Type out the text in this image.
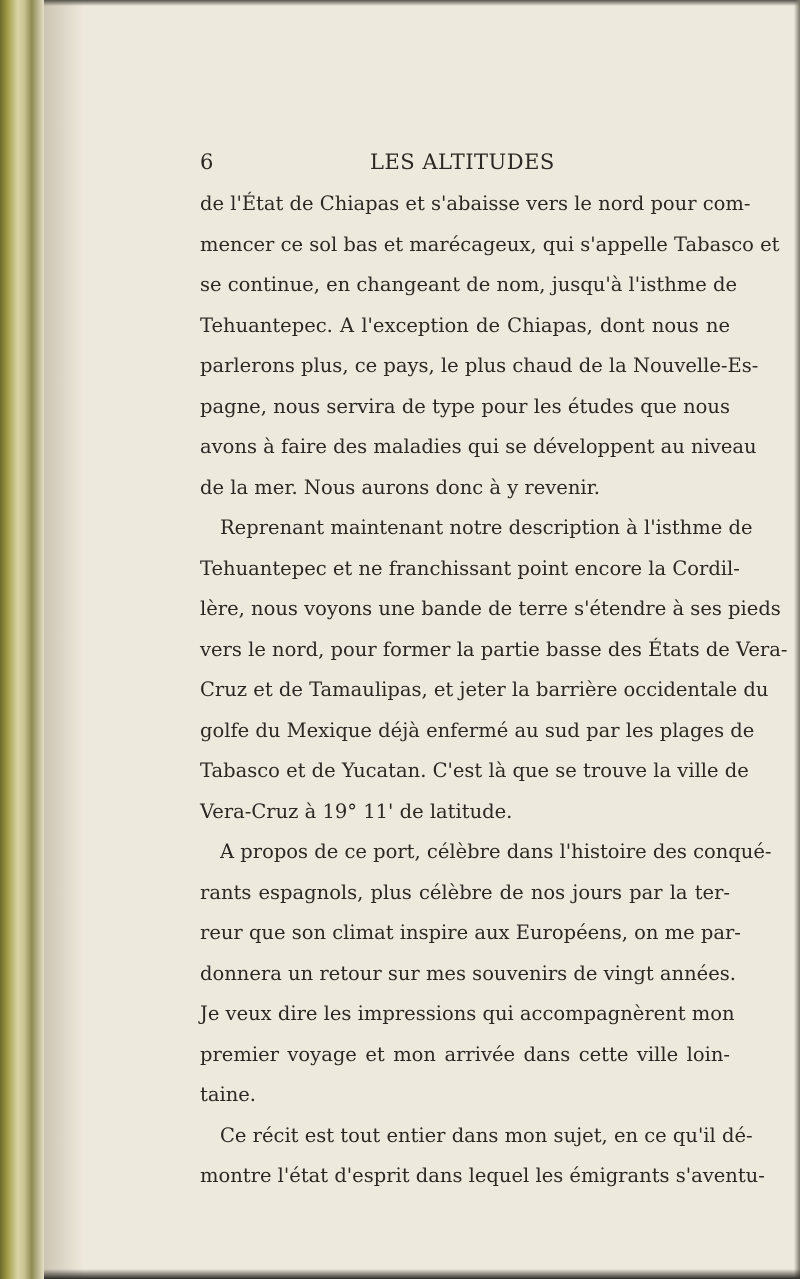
6	LES ALTITUDES
de l'État de Chiapas et s'abaisse vers le nord pour com-
mencer ce sol bas et marécageux, qui s'appelle Tabasco et
se continue, en changeant de nom, jusqu'à l'isthme de
Tehuantepec. A l'exception de Chiapas, dont nous ne
parlerons plus, ce pays, le plus chaud de la Nouvelle-Es-
pagne, nous servira de type pour les études que nous
avons à faire des maladies qui se développent au niveau
de la mer. Nous aurons donc à y revenir.
Reprenant maintenant notre description à l'isthme de
Tehuantepec et ne franchissant point encore la Cordil-
lère, nous voyons une bande de terre s'étendre à ses pieds
vers le nord, pour former la partie basse des États de Vera-
Cruz et de Tamaulipas, et jeter la barrière occidentale du
golfe du Mexique déjà enfermé au sud par les plages de
Tabasco et de Yucatan. C'est là que se trouve la ville de
Vera-Cruz à 19° 11' de latitude.
A propos de ce port, célèbre dans l'histoire des conqué-
rants espagnols, plus célèbre de nos jours par la ter-
reur que son climat inspire aux Européens, on me par-
donnera un retour sur mes souvenirs de vingt années.
Je veux dire les impressions qui accompagnèrent mon
premier voyage et mon arrivée dans cette ville loin-
taine.
Ce récit est tout entier dans mon sujet, en ce qu'il dé-
montre l'état d'esprit dans lequel les émigrants s'aventu-
